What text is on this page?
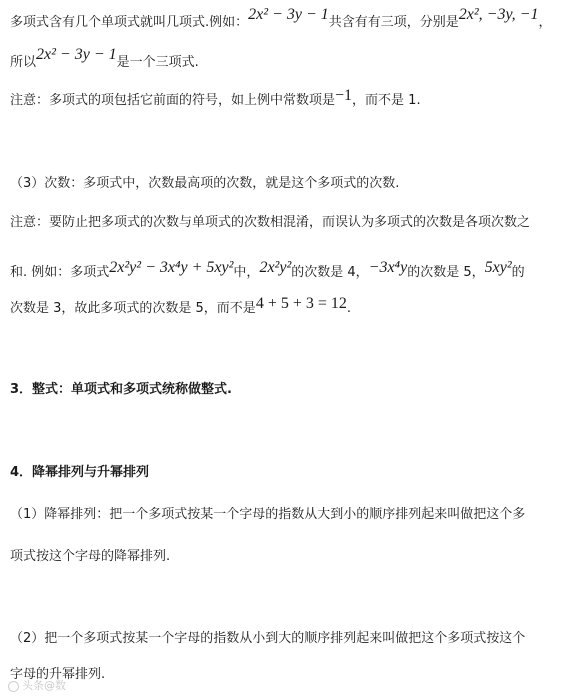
多项式含有几个单项式就叫几项式.例如：2x² − 3y − 1共含有有三项，分别是2x², −3y, −1，
所以2x² − 3y − 1是一个三项式.
注意：多项式的项包括它前面的符号，如上例中常数项是−1，而不是 1.
（3）次数：多项式中，次数最高项的次数，就是这个多项式的次数.
注意：要防止把多项式的次数与单项式的次数相混淆，而误认为多项式的次数是各项次数之
和. 例如：多项式2x²y² − 3x⁴y + 5xy²中，2x²y²的次数是 4，−3x⁴y的次数是 5，5xy²的
次数是 3，故此多项式的次数是 5，而不是4 + 5 + 3 = 12.
3．整式：单项式和多项式统称做整式.
4．降幂排列与升幂排列
（1）降幂排列：把一个多项式按某一个字母的指数从大到小的顺序排列起来叫做把这个多
项式按这个字母的降幂排列.
（2）把一个多项式按某一个字母的指数从小到大的顺序排列起来叫做把这个多项式按这个
字母的升幂排列.
头条@数
